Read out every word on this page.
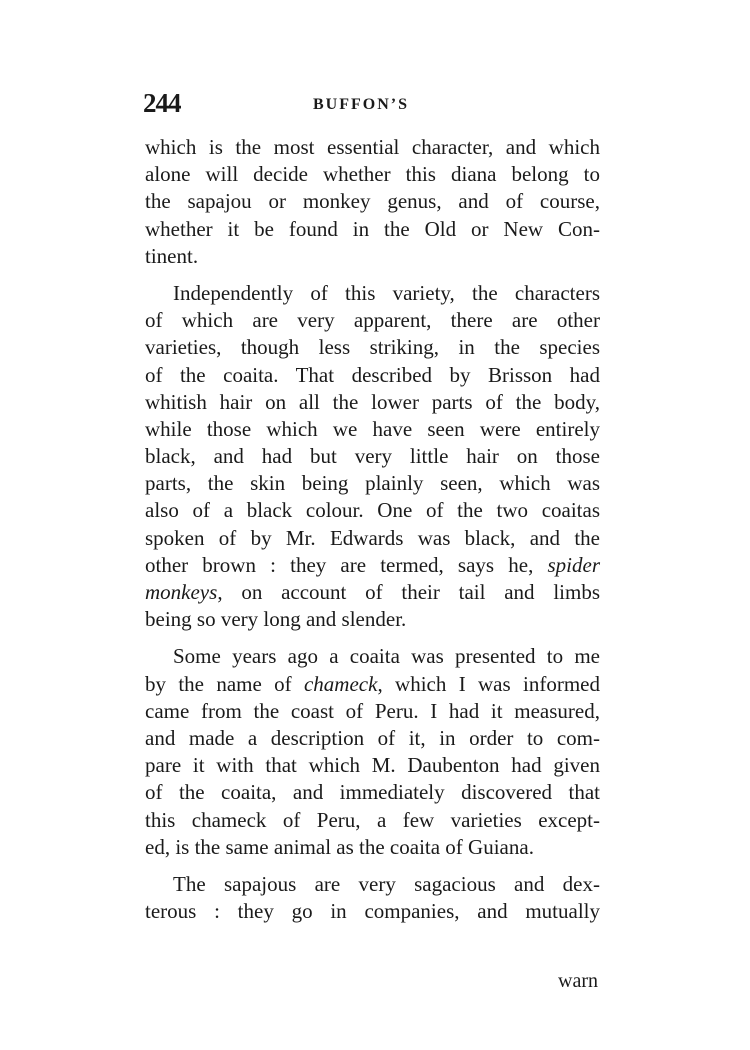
244	BUFFON’S
which is the most essential character, and which
alone will decide whether this diana belong to
the sapajou or monkey genus, and of course,
whether it be found in the Old or New Con-
tinent.
Independently of this variety, the characters
of which are very apparent, there are other
varieties, though less striking, in the species
of the coaita. That described by Brisson had
whitish hair on all the lower parts of the body,
while those which we have seen were entirely
black, and had but very little hair on those
parts, the skin being plainly seen, which was
also of a black colour. One of the two coaitas
spoken of by Mr. Edwards was black, and the
other brown : they are termed, says he, spider
monkeys, on account of their tail and limbs
being so very long and slender.
Some years ago a coaita was presented to me
by the name of chameck, which I was informed
came from the coast of Peru. I had it measured,
and made a description of it, in order to com-
pare it with that which M. Daubenton had given
of the coaita, and immediately discovered that
this chameck of Peru, a few varieties except-
ed, is the same animal as the coaita of Guiana.
The sapajous are very sagacious and dex-
terous : they go in companies, and mutually
warn
